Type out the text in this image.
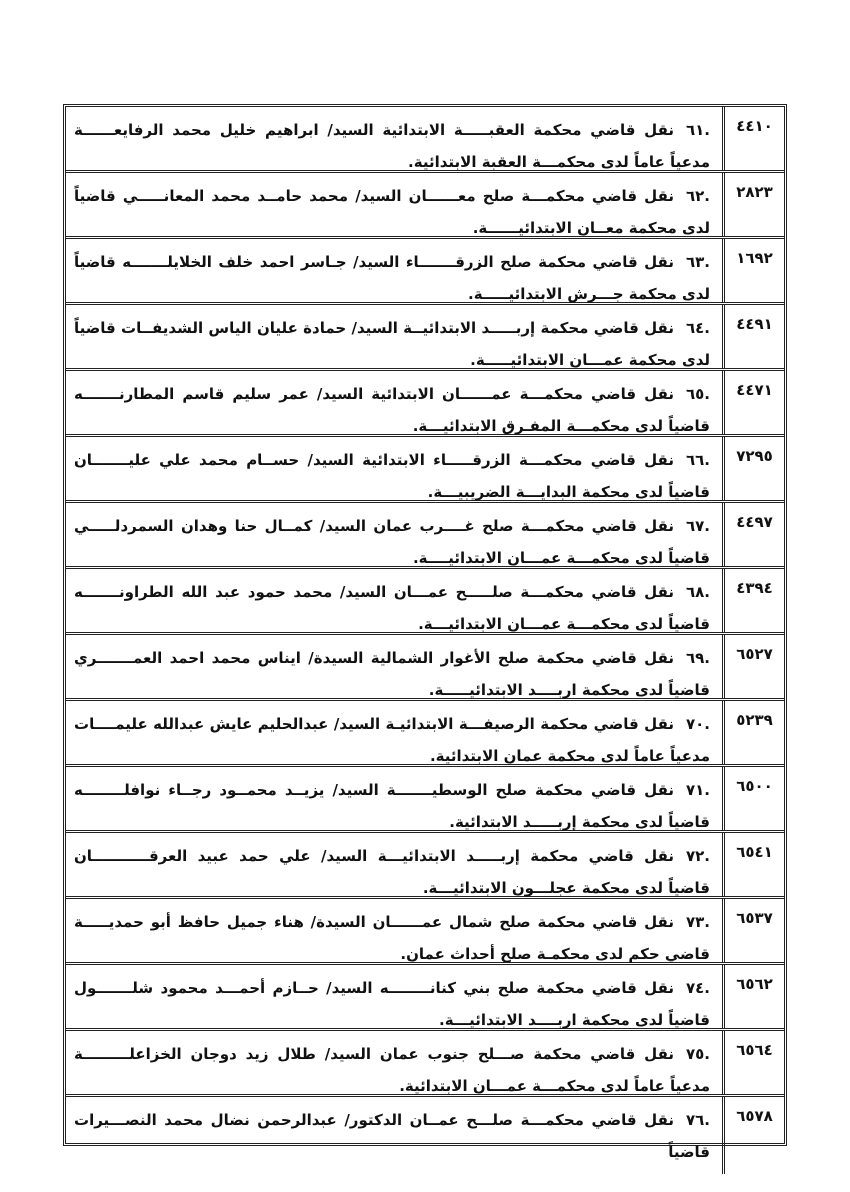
٤٤١٠
.٦١نقل قاضي محكمة العقبـــــة الابتدائية السيد/ ابراهيم خليل محمد الرفايعــــــة مدعياً عاماً لدى محكمـــة العقبة الابتدائية.
٢٨٢٣
.٦٢نقل قاضي محكمـــة صلح معــــــان السيد/ محمد حامــد محمد المعانـــــي قاضياً لدى محكمة معــان الابتدائيــــــة.
١٦٩٢
.٦٣نقل قاضي محكمة صلح الزرقـــــــاء السيد/ جـاسر احمد خلف الخلايلـــــــه قاضياً لدى محكمة جـــرش الابتدائيـــــة.
٤٤٩١
.٦٤نقل قاضي محكمة إربـــــد الابتدائيــة السيد/ حمادة عليان الياس الشديفــات قاضياً لدى محكمة عمـــان الابتدائيـــــة.
٤٤٧١
.٦٥نقل قاضي محكمـــة عمــــــان الابتدائية السيد/ عمر سليم قاسم المطارنـــــــه قاضياً لدى محكمـــة المفـرق الابتدائيـــة.
٧٢٩٥
.٦٦نقل قاضي محكمـــة الزرقـــــاء الابتدائية السيد/ حســام محمد علي عليـــــــان قاضياً لدى محكمة البدايـــة الضريبيـــة.
٤٤٩٧
.٦٧نقل قاضي محكمـــة صلح غــــرب عمان السيد/ كمــال حنا وهدان السمردلـــــي قاضياً لدى محكمـــة عمـــان الابتدائيــــة.
٤٣٩٤
.٦٨نقل قاضي محكمـــة صلـــــح عمـــان السيد/ محمد حمود عبد الله الطراونـــــــه قاضياً لدى محكمـــة عمـــان الابتدائيـــة.
٦٥٢٧
.٦٩نقل قاضي محكمة صلح الأغوار الشمالية السيدة/ ايناس محمد احمد العمـــــــري قاضياً لدى محكمة اربــــد الابتدائيـــــة.
٥٢٣٩
.٧٠نقل قاضي محكمة الرصيفـــة الابتدائيـة السيد/ عبدالحليم عايش عبدالله عليمــــات مدعياً عاماً لدى محكمة عمان الابتدائية.
٦٥٠٠
.٧١نقل قاضي محكمة صلح الوسطيـــــــة السيد/ يزيــد محمــود رجــاء نوافلــــــــه قاضياً لدى محكمة إربـــــد الابتدائية.
٦٥٤١
.٧٢نقل قاضي محكمة إربـــــد الابتدائيـــة السيد/ علي حمد عبيد العرقـــــــــــان قاضياً لدى محكمة عجلـــون الابتدائيـــة.
٦٥٣٧
.٧٣نقل قاضي محكمة صلح شمال عمــــــان السيدة/ هناء جميل حافظ أبو حمديـــــة قاضي حكم لدى محكمـة صلح أحداث عمان.
٦٥٦٢
.٧٤نقل قاضي محكمة صلح بني كنانــــــــه السيد/ حــازم أحمـــد محمود شلـــــــول قاضياً لدى محكمة اربــــد الابتدائيـــة.
٦٥٦٤
.٧٥نقل قاضي محكمة صـــلح جنوب عمان السيد/ طلال زيد دوجان الخزاعلـــــــــة مدعياً عاماً لدى محكمـــة عمـــان الابتدائية.
٦٥٧٨
.٧٦نقل قاضي محكمـــة صلـــح عمــان الدكتور/ عبدالرحمن نضال محمد النصـــيرات قاضياً
